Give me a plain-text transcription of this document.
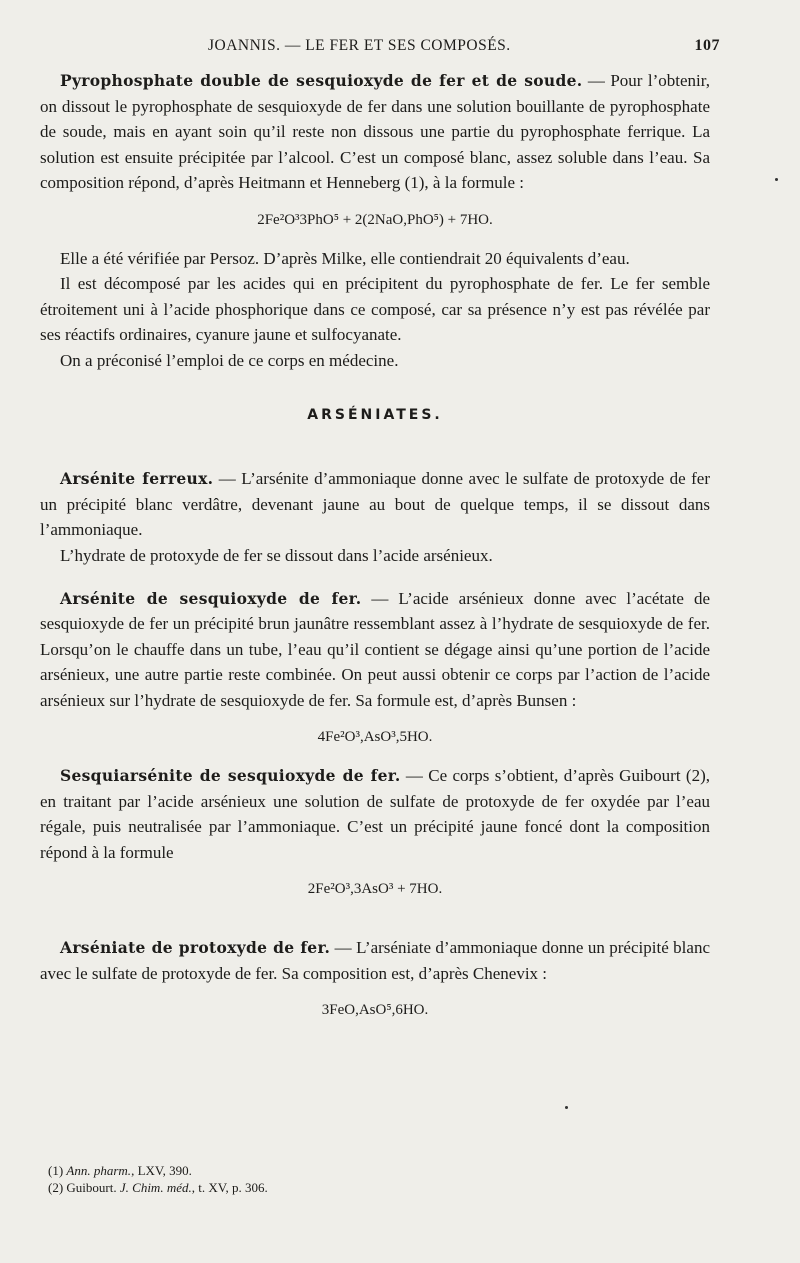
JOANNIS. — LE FER ET SES COMPOSÉS.	107

Pyrophosphate double de sesquioxyde de fer et de soude. — Pour l’obtenir, on dissout le pyrophosphate de sesquioxyde de fer dans une solution bouillante de pyrophosphate de soude, mais en ayant soin qu’il reste non dissous une partie du pyrophosphate ferrique. La solution est ensuite précipitée par l’alcool. C’est un composé blanc, assez soluble dans l’eau. Sa composition répond, d’après Heitmann et Henneberg (1), à la formule :

2Fe²O³3PhO⁵ + 2(2NaO,PhO⁵) + 7HO.

Elle a été vérifiée par Persoz. D’après Milke, elle contiendrait 20 équivalents d’eau.

Il est décomposé par les acides qui en précipitent du pyrophosphate de fer. Le fer semble étroitement uni à l’acide phosphorique dans ce composé, car sa présence n’y est pas révélée par ses réactifs ordinaires, cyanure jaune et sulfocyanate.

On a préconisé l’emploi de ce corps en médecine.

ARSÉNIATES.

Arsénite ferreux. — L’arsénite d’ammoniaque donne avec le sulfate de protoxyde de fer un précipité blanc verdâtre, devenant jaune au bout de quelque temps, il se dissout dans l’ammoniaque.

L’hydrate de protoxyde de fer se dissout dans l’acide arsénieux.

Arsénite de sesquioxyde de fer. — L’acide arsénieux donne avec l’acétate de sesquioxyde de fer un précipité brun jaunâtre ressemblant assez à l’hydrate de sesquioxyde de fer. Lorsqu’on le chauffe dans un tube, l’eau qu’il contient se dégage ainsi qu’une portion de l’acide arsénieux, une autre partie reste combinée. On peut aussi obtenir ce corps par l’action de l’acide arsénieux sur l’hydrate de sesquioxyde de fer. Sa formule est, d’après Bunsen :

4Fe²O³,AsO³,5HO.

Sesquiarsénite de sesquioxyde de fer. — Ce corps s’obtient, d’après Guibourt (2), en traitant par l’acide arsénieux une solution de sulfate de protoxyde de fer oxydée par l’eau régale, puis neutralisée par l’ammoniaque. C’est un précipité jaune foncé dont la composition répond à la formule

2Fe²O³,3AsO³ + 7HO.

Arséniate de protoxyde de fer. — L’arséniate d’ammoniaque donne un précipité blanc avec le sulfate de protoxyde de fer. Sa composition est, d’après Chenevix :

3FeO,AsO⁵,6HO.
(1) Ann. pharm., LXV, 390.
(2) Guibourt. J. Chim. méd., t. XV, p. 306.
